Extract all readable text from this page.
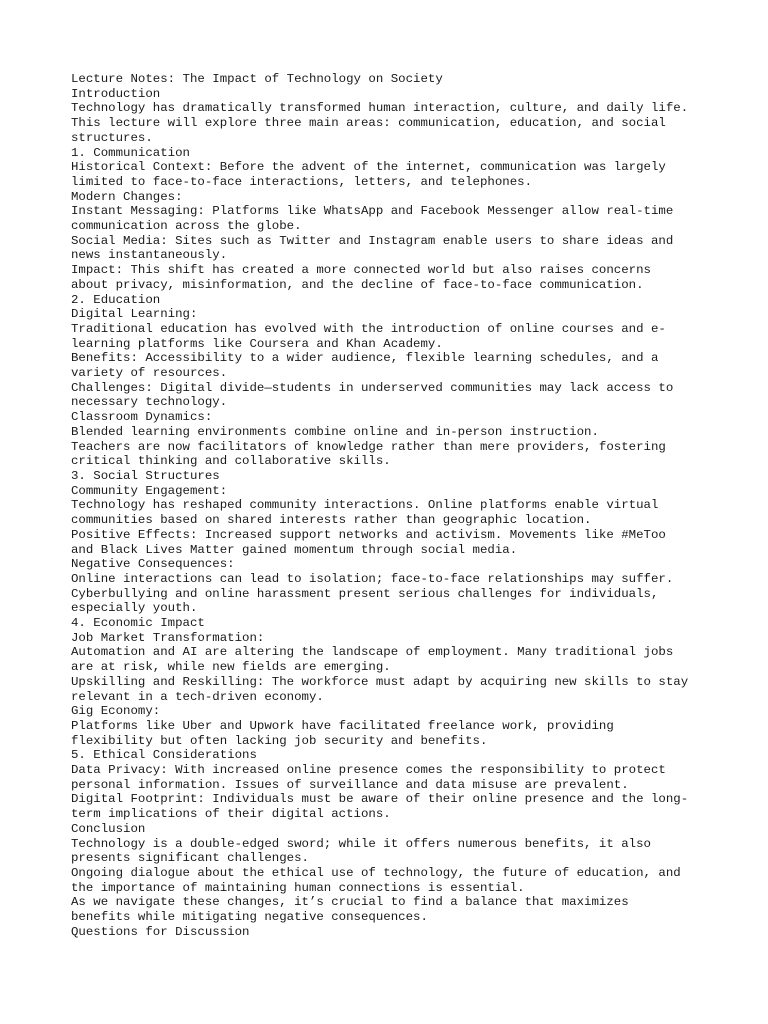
Lecture Notes: The Impact of Technology on Society
Introduction
Technology has dramatically transformed human interaction, culture, and daily life.
This lecture will explore three main areas: communication, education, and social
structures.
1. Communication
Historical Context: Before the advent of the internet, communication was largely
limited to face-to-face interactions, letters, and telephones.
Modern Changes:
Instant Messaging: Platforms like WhatsApp and Facebook Messenger allow real-time
communication across the globe.
Social Media: Sites such as Twitter and Instagram enable users to share ideas and
news instantaneously.
Impact: This shift has created a more connected world but also raises concerns
about privacy, misinformation, and the decline of face-to-face communication.
2. Education
Digital Learning:
Traditional education has evolved with the introduction of online courses and e-
learning platforms like Coursera and Khan Academy.
Benefits: Accessibility to a wider audience, flexible learning schedules, and a
variety of resources.
Challenges: Digital divide—students in underserved communities may lack access to
necessary technology.
Classroom Dynamics:
Blended learning environments combine online and in-person instruction.
Teachers are now facilitators of knowledge rather than mere providers, fostering
critical thinking and collaborative skills.
3. Social Structures
Community Engagement:
Technology has reshaped community interactions. Online platforms enable virtual
communities based on shared interests rather than geographic location.
Positive Effects: Increased support networks and activism. Movements like #MeToo
and Black Lives Matter gained momentum through social media.
Negative Consequences:
Online interactions can lead to isolation; face-to-face relationships may suffer.
Cyberbullying and online harassment present serious challenges for individuals,
especially youth.
4. Economic Impact
Job Market Transformation:
Automation and AI are altering the landscape of employment. Many traditional jobs
are at risk, while new fields are emerging.
Upskilling and Reskilling: The workforce must adapt by acquiring new skills to stay
relevant in a tech-driven economy.
Gig Economy:
Platforms like Uber and Upwork have facilitated freelance work, providing
flexibility but often lacking job security and benefits.
5. Ethical Considerations
Data Privacy: With increased online presence comes the responsibility to protect
personal information. Issues of surveillance and data misuse are prevalent.
Digital Footprint: Individuals must be aware of their online presence and the long-
term implications of their digital actions.
Conclusion
Technology is a double-edged sword; while it offers numerous benefits, it also
presents significant challenges.
Ongoing dialogue about the ethical use of technology, the future of education, and
the importance of maintaining human connections is essential.
As we navigate these changes, it’s crucial to find a balance that maximizes
benefits while mitigating negative consequences.
Questions for Discussion
